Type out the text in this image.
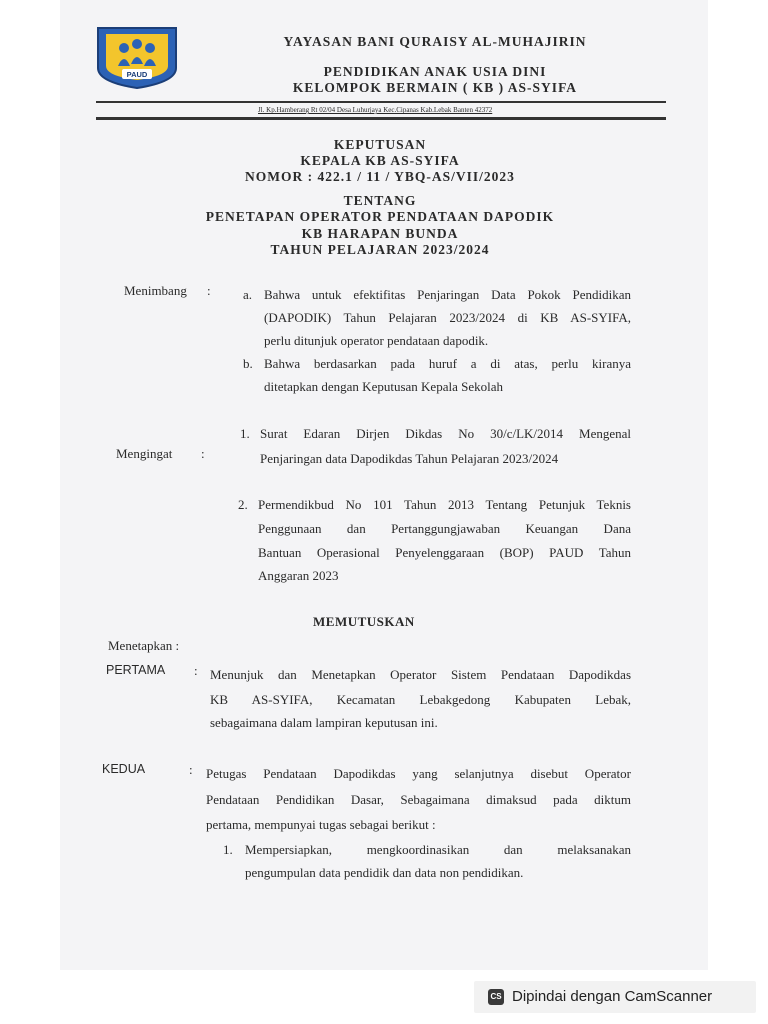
PAUD
YAYASAN BANI QURAISY AL-MUHAJIRIN
PENDIDIKAN ANAK USIA DINI
KELOMPOK BERMAIN ( KB ) AS-SYIFA
Jl. Kp.Hamberang Rt 02/04 Desa Luhurjaya Kec.Cipanas Kab.Lebak Banten 42372
KEPUTUSAN
KEPALA KB AS-SYIFA
NOMOR : 422.1 / 11 / YBQ-AS/VII/2023
TENTANG
PENETAPAN OPERATOR PENDATAAN DAPODIK
KB HARAPAN BUNDA
TAHUN PELAJARAN 2023/2024
Menimbang : a. Bahwa untuk efektifitas Penjaringan Data Pokok Pendidikan
(DAPODIK) Tahun Pelajaran 2023/2024 di KB AS-SYIFA,
perlu ditunjuk operator pendataan dapodik.
b. Bahwa berdasarkan pada huruf a di atas, perlu kiranya
ditetapkan dengan Keputusan Kepala Sekolah
1. Surat Edaran Dirjen Dikdas No 30/c/LK/2014 Mengenal
Mengingat :	Penjaringan data Dapodikdas Tahun Pelajaran 2023/2024
2. Permendikbud No 101 Tahun 2013 Tentang Petunjuk Teknis
Penggunaan dan Pertanggungjawaban Keuangan Dana
Bantuan Operasional Penyelenggaraan (BOP) PAUD Tahun
Anggaran 2023
MEMUTUSKAN
Menetapkan :
PERTAMA : Menunjuk dan Menetapkan Operator Sistem Pendataan Dapodikdas
KB AS-SYIFA, Kecamatan Lebakgedong Kabupaten Lebak,
sebagaimana dalam lampiran keputusan ini.
KEDUA	: Petugas Pendataan Dapodikdas yang selanjutnya disebut Operator
Pendataan Pendidikan Dasar, Sebagaimana dimaksud pada diktum
pertama, mempunyai tugas sebagai berikut :
1. Mempersiapkan, mengkoordinasikan dan melaksanakan
pengumpulan data pendidik dan data non pendidikan.
CS Dipindai dengan CamScanner
